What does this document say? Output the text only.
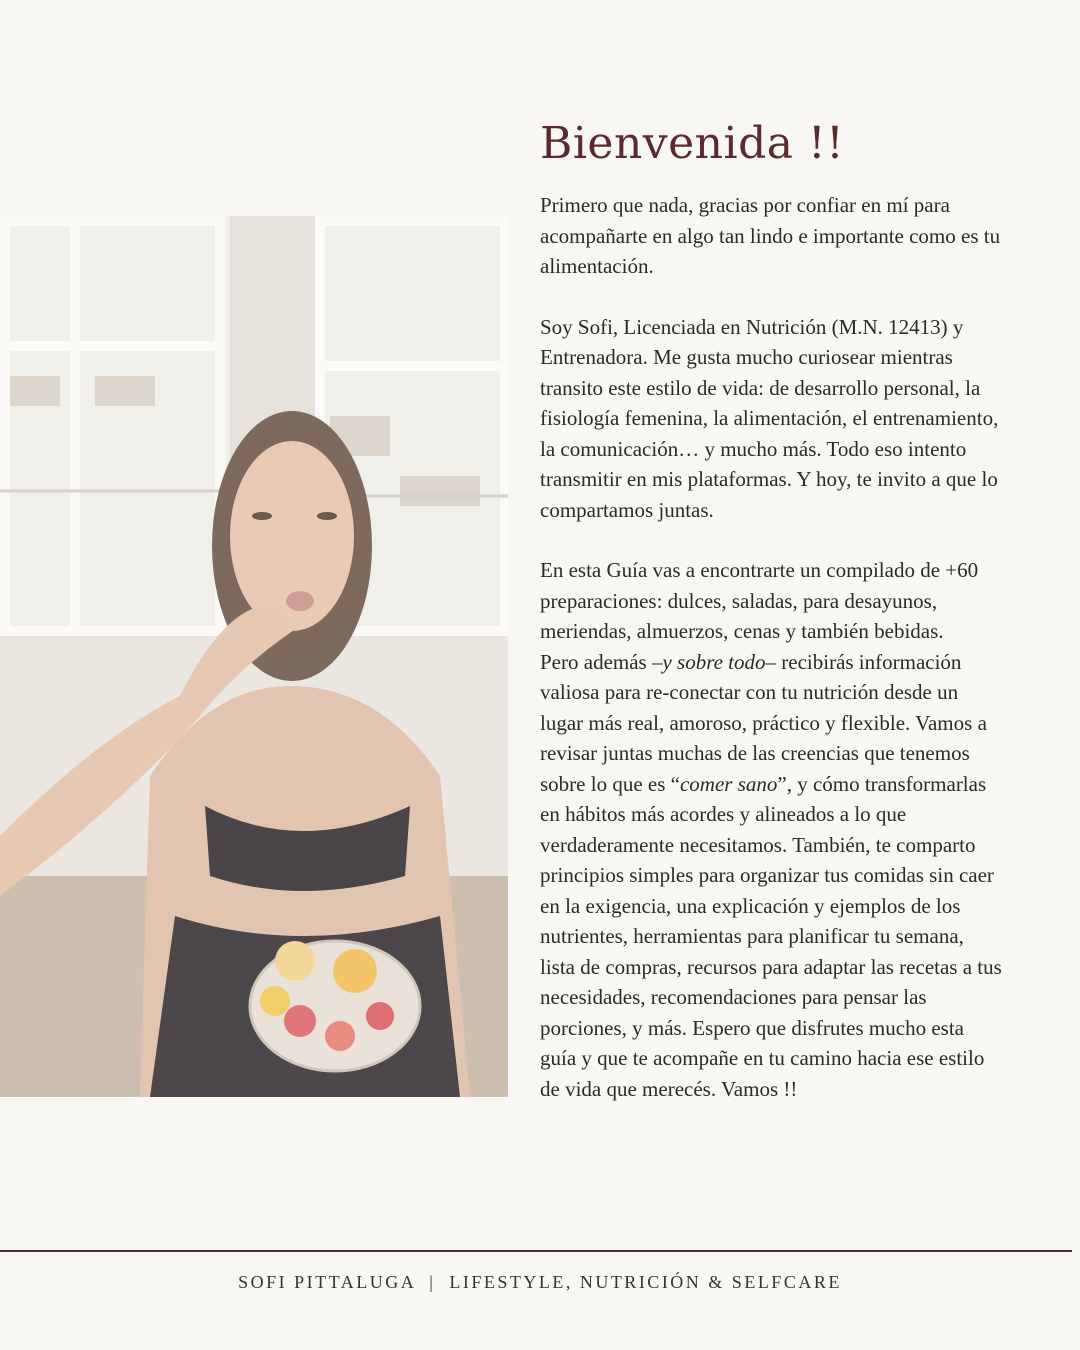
Bienvenida !!

Primero que nada, gracias por confiar en mí para acompañarte en algo tan lindo e importante como es tu alimentación.

Soy Sofi, Licenciada en Nutrición (M.N. 12413) y Entrenadora. Me gusta mucho curiosear mientras transito este estilo de vida: de desarrollo personal, la fisiología femenina, la alimentación, el entrenamiento, la comunicación… y mucho más. Todo eso intento transmitir en mis plataformas. Y hoy, te invito a que lo compartamos juntas.

En esta Guía vas a encontrarte un compilado de +60 preparaciones: dulces, saladas, para desayunos, meriendas, almuerzos, cenas y también bebidas.

Pero además –y sobre todo– recibirás información valiosa para re-conectar con tu nutrición desde un lugar más real, amoroso, práctico y flexible. Vamos a revisar juntas muchas de las creencias que tenemos sobre lo que es “comer sano”, y cómo transformarlas en hábitos más acordes y alineados a lo que verdaderamente necesitamos. También, te comparto principios simples para organizar tus comidas sin caer en la exigencia, una explicación y ejemplos de los nutrientes, herramientas para planificar tu semana, lista de compras, recursos para adaptar las recetas a tus necesidades, recomendaciones para pensar las porciones, y más. Espero que disfrutes mucho esta guía y que te acompañe en tu camino hacia ese estilo de vida que merecés. Vamos !!

SOFI PITTALUGA  |  LIFESTYLE, NUTRICIÓN & SELFCARE
